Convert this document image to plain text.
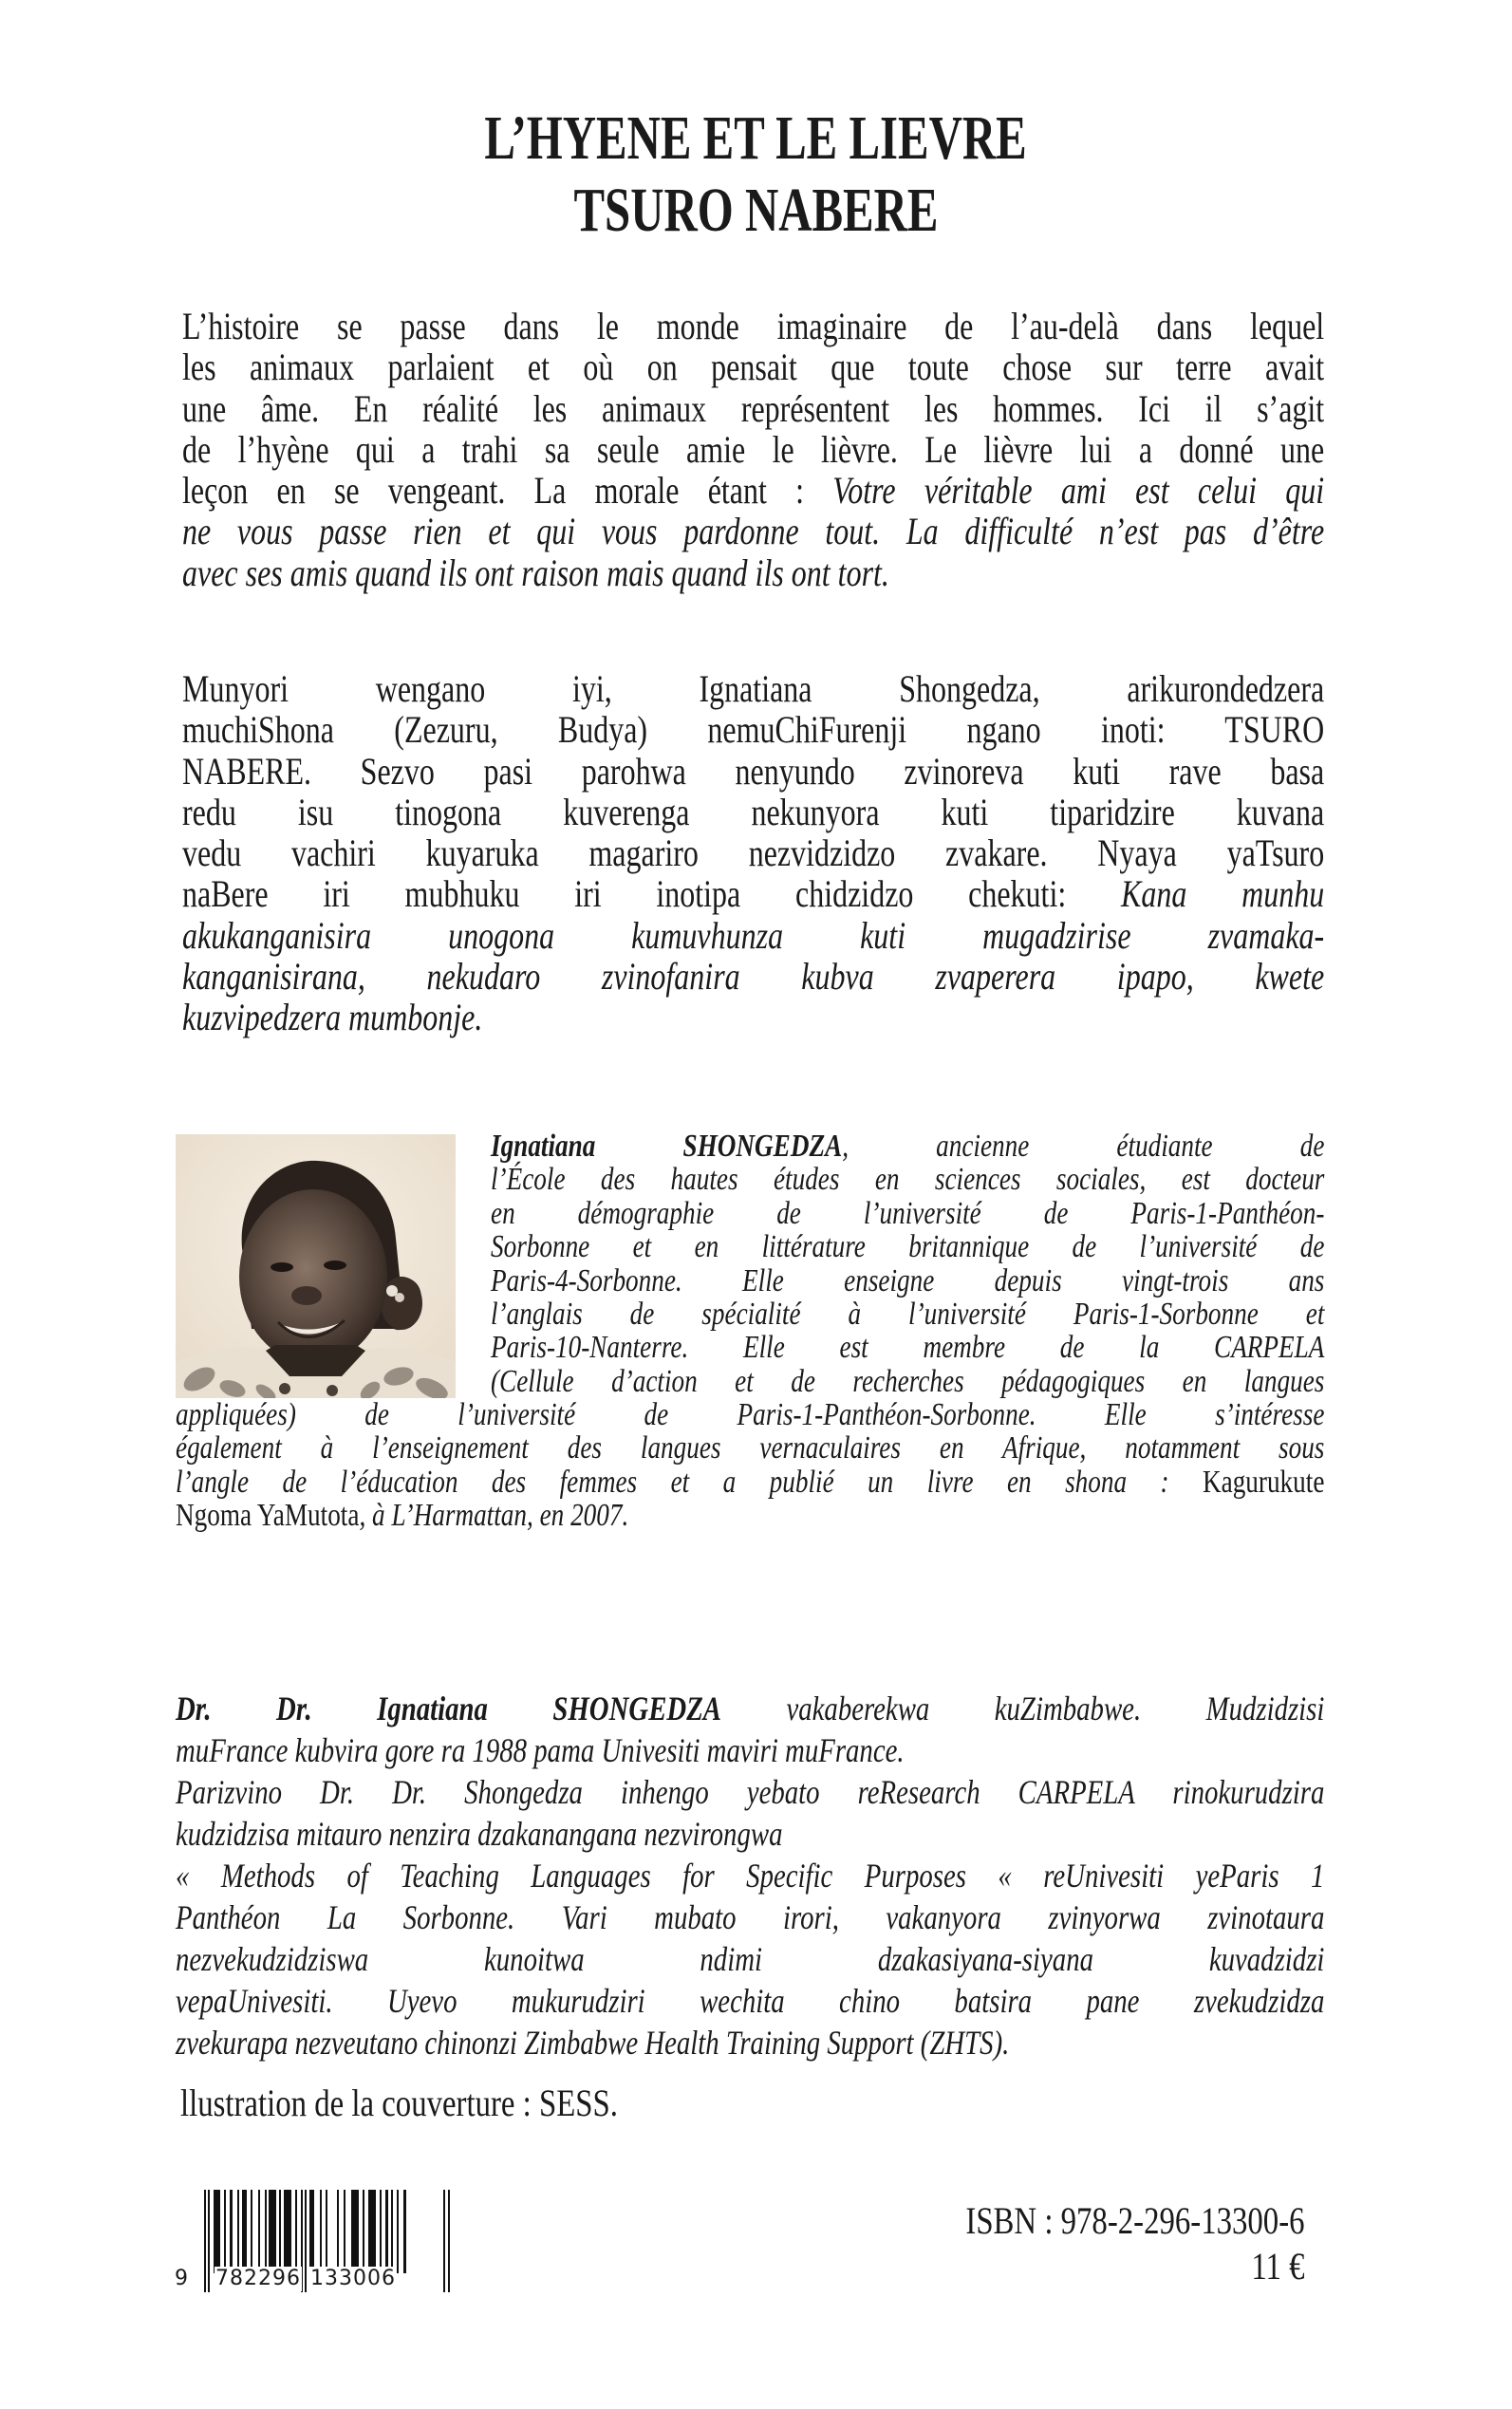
L’HYENE ET LE LIEVRE
TSURO NABERE
L’histoire se passe dans le monde imaginaire de l’au-delà dans lequel
les animaux parlaient et où on pensait que toute chose sur terre avait
une âme. En réalité les animaux représentent les hommes. Ici il s’agit
de l’hyène qui a trahi sa seule amie le lièvre. Le lièvre lui a donné une
leçon en se vengeant. La morale étant : Votre véritable ami est celui qui
ne vous passe rien et qui vous pardonne tout. La difficulté n’est pas d’être
avec ses amis quand ils ont raison mais quand ils ont tort.
Munyori wengano iyi, Ignatiana Shongedza, arikurondedzera
muchiShona (Zezuru, Budya) nemuChiFurenji ngano inoti: TSURO
NABERE. Sezvo pasi parohwa nenyundo zvinoreva kuti rave basa
redu isu tinogona kuverenga nekunyora kuti tiparidzire kuvana
vedu vachiri kuyaruka magariro nezvidzidzo zvakare. Nyaya yaTsuro
naBere iri mubhuku iri inotipa chidzidzo chekuti: Kana munhu
akukanganisira unogona kumuvhunza kuti mugadzirise zvamaka-
kanganisirana, nekudaro zvinofanira kubva zvaperera ipapo, kwete
kuzvipedzera mumbonje.
Ignatiana SHONGEDZA, ancienne étudiante de
l’École des hautes études en sciences sociales, est docteur
en démographie de l’université de Paris-1-Panthéon-
Sorbonne et en littérature britannique de l’université de
Paris-4-Sorbonne. Elle enseigne depuis vingt-trois ans
l’anglais de spécialité à l’université Paris-1-Sorbonne et
Paris-10-Nanterre. Elle est membre de la CARPELA
(Cellule d’action et de recherches pédagogiques en langues
appliquées) de l’université de Paris-1-Panthéon-Sorbonne. Elle s’intéresse
également à l’enseignement des langues vernaculaires en Afrique, notamment sous
l’angle de l’éducation des femmes et a publié un livre en shona : Kagurukute
Ngoma YaMutota, à L’Harmattan, en 2007.
Dr. Dr. Ignatiana SHONGEDZA vakaberekwa kuZimbabwe. Mudzidzisi
muFrance kubvira gore ra 1988 pama Univesiti maviri muFrance.
Parizvino Dr. Dr. Shongedza inhengo yebato reResearch CARPELA rinokurudzira
kudzidzisa mitauro nenzira dzakanangana nezvirongwa
« Methods of Teaching Languages for Specific Purposes « reUnivesiti yeParis 1
Panthéon La Sorbonne. Vari mubato irori, vakanyora zvinyorwa zvinotaura
nezvekudzidziswa kunoitwa ndimi dzakasiyana-siyana kuvadzidzi
vepaUnivesiti. Uyevo mukurudziri wechita chino batsira pane zvekudzidza
zvekurapa nezveutano chinonzi Zimbabwe Health Training Support (ZHTS).
llustration de la couverture : SESS.
9 782296 133006
ISBN : 978-2-296-13300-6
11 €
